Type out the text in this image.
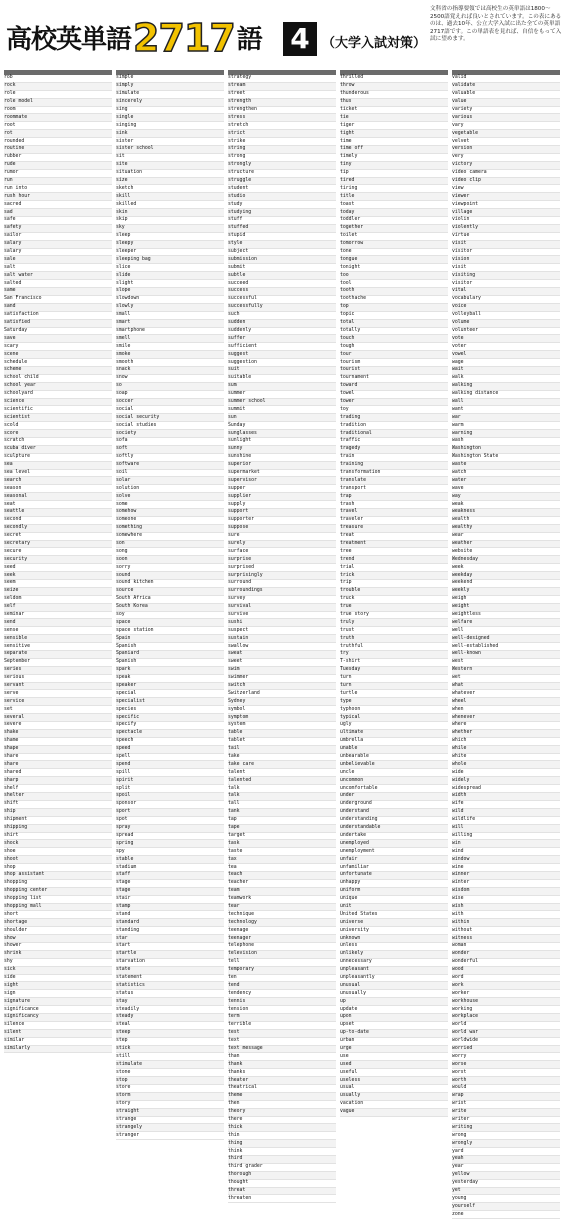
高校英単語2717語 4 （大学入試対策）
文科省の指導要領では高校生の英単語は1800〜2500語覚えれば良いとされています。この表にあるのは、過去10年、公立大学入試に出た全ての英単語2717語です。この単語表を見れば、自信をもって入試に望めます。
rob
rock
role
role model
room
roommate
root
rot
rounded
routine
rubber
rude
rumor
run
run into
rush hour
sacred
sad
safe
safety
sailor
salary
salary
sale
salt
salt water
salted
same
San Francisco
sand
satisfaction
satisfied
Saturday
save
scary
scene
schedule
scheme
school child
school year
schoolyard
science
scientific
scientist
scold
score
scratch
scuba diver
sculpture
sea
sea level
search
season
seasonal
seat
seattle
second
secondly
secret
secretary
secure
security
seed
seek
seem
seize
seldom
self
seminar
send
sense
sensible
sensitive
separate
September
series
serious
servant
serve
service
set
several
severe
shake
shame
shape
share
share
shared
sharp
shelf
shelter
shift
ship
shipment
shipping
shirt
shock
shoe
shoot
shop
shop assistant
shopping
shopping center
shopping list
shopping mall
short
shortage
shoulder
show
shower
shrink
shy
sick
side
sight
sign
signature
significance
significancy
silence
silent
similar
similarly
simple
simply
simulate
sincerely
sing
single
singing
sink
sister
sister school
sit
site
situation
size
sketch
skill
skilled
skin
skip
sky
sleep
sleepy
sleeper
sleeping bag
slice
slide
slight
slope
slowdown
slowly
small
smart
smartphone
smell
smile
smoke
smooth
snack
snow
so
soap
soccer
social
social security
social studies
society
sofa
soft
softly
software
soil
solar
solution
solve
some
somehow
someone
something
somewhere
son
song
soon
sorry
sound
sound kitchen
source
South Africa
South Korea
soy
space
space station
Spain
Spanish
Spaniard
Spanish
spark
speak
speaker
special
specialist
species
specific
specify
spectacle
speech
speed
spell
spend
spill
spirit
split
spoil
sponsor
sport
spot
spray
spread
spring
spy
stable
stadium
staff
stage
stage
stair
stamp
stand
standard
standing
star
start
startle
starvation
state
statement
statistics
status
stay
steadily
steady
steal
steep
step
stick
still
stimulate
stone
stop
store
storm
story
straight
strange
strangely
stranger
strategy
stream
street
strength
strengthen
stress
stretch
strict
strike
string
strong
strongly
structure
struggle
student
studio
study
studying
stuff
stuffed
stupid
style
subject
submission
submit
subtle
succeed
success
successful
successfully
such
sudden
suddenly
suffer
sufficient
suggest
suggestion
suit
suitable
sum
summer
summer school
summit
sun
Sunday
sunglasses
sunlight
sunny
sunshine
superior
supermarket
supervisor
supper
supplier
supply
support
supporter
suppose
sure
surely
surface
surprise
surprised
surprisingly
surround
surroundings
survey
survival
survive
sushi
suspect
sustain
swallow
sweat
sweet
swim
swimmer
switch
Switzerland
Sydney
symbol
symptom
system
table
tablet
tail
take
take care
talent
talented
talk
talk
tall
tank
tap
tape
target
task
taste
tax
tea
teach
teacher
team
teamwork
tear
technique
technology
teenage
teenager
telephone
television
tell
temporary
ten
tend
tendency
tennis
tension
term
terrible
test
text
text message
than
thank
thanks
theater
theatrical
theme
then
theory
there
thick
thin
thing
think
third
third grader
thorough
thought
threat
threaten
thrilled
throw
thunderous
thus
ticket
tie
tiger
tight
time
time off
timely
tiny
tip
tired
tiring
title
toast
today
toddler
together
toilet
tomorrow
tone
tongue
tonight
too
tool
tooth
toothache
top
topic
total
totally
touch
tough
tour
tourism
tourist
tournament
toward
towel
tower
toy
trading
tradition
traditional
traffic
tragedy
train
training
transformation
translate
transport
trap
trash
travel
traveler
treasure
treat
treatment
tree
trend
trial
trick
trip
trouble
truck
true
true story
truly
trust
truth
truthful
try
T-shirt
Tuesday
turn
turn
turtle
type
typhoon
typical
ugly
ultimate
umbrella
unable
unbearable
unbelievable
uncle
uncommon
uncomfortable
under
underground
understand
understanding
understandable
undertake
unemployed
unemployment
unfair
unfamiliar
unfortunate
unhappy
uniform
unique
unit
United States
universe
university
unknown
unless
unlikely
unnecessary
unpleasant
unpleasantly
unusual
unusually
up
update
upon
upset
up-to-date
urban
urge
use
used
useful
useless
usual
usually
vacation
vague
valid
validate
valuable
value
variety
various
vary
vegetable
velvet
version
very
victory
video camera
video clip
view
viewer
viewpoint
village
violin
violently
virtue
visit
visitor
vision
visit
visiting
visitor
vital
vocabulary
voice
volleyball
volume
volunteer
vote
voter
vowel
wage
wait
walk
walking
walking distance
wall
want
war
warm
warning
wash
Washington
Washington State
waste
watch
water
wave
way
weak
weakness
wealth
wealthy
wear
weather
website
Wednesday
week
weekday
weekend
weekly
weigh
weight
weightless
welfare
well
well-designed
well-established
well-known
west
Western
wet
what
whatever
wheel
when
whenever
where
whether
which
while
white
whole
wide
widely
widespread
width
wife
wild
wildlife
will
willing
win
wind
window
wine
winner
winter
wisdom
wise
wish
with
within
without
witness
woman
wonder
wonderful
wood
word
work
worker
workhouse
working
workplace
world
world war
worldwide
worried
worry
worse
worst
worth
would
wrap
wrist
write
writer
writing
wrong
wrongly
yard
yeah
year
yellow
yesterday
yet
young
yourself
zone
